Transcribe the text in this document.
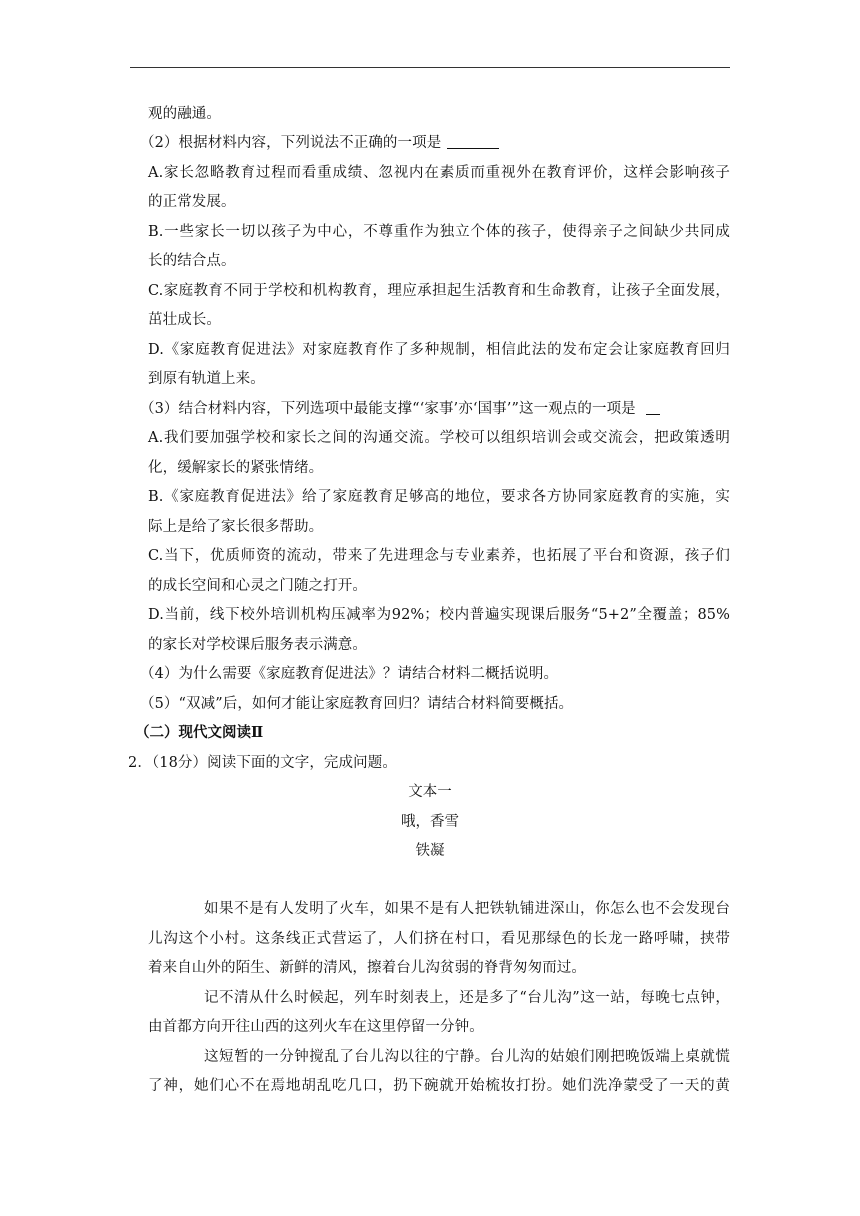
观的融通。
（2）根据材料内容，下列说法不正确的一项是
A.家长忽略教育过程而看重成绩、忽视内在素质而重视外在教育评价，这样会影响孩子
的正常发展。
B.一些家长一切以孩子为中心，不尊重作为独立个体的孩子，使得亲子之间缺少共同成
长的结合点。
C.家庭教育不同于学校和机构教育，理应承担起生活教育和生命教育，让孩子全面发展，
茁壮成长。
D.《家庭教育促进法》对家庭教育作了多种规制，相信此法的发布定会让家庭教育回归
到原有轨道上来。
（3）结合材料内容，下列选项中最能支撑“‘家事’亦‘国事’”这一观点的一项是
A.我们要加强学校和家长之间的沟通交流。学校可以组织培训会或交流会，把政策透明
化，缓解家长的紧张情绪。
B.《家庭教育促进法》给了家庭教育足够高的地位，要求各方协同家庭教育的实施，实
际上是给了家长很多帮助。
C.当下，优质师资的流动，带来了先进理念与专业素养，也拓展了平台和资源，孩子们
的成长空间和心灵之门随之打开。
D.当前，线下校外培训机构压减率为92%；校内普遍实现课后服务“5+2”全覆盖；85%
的家长对学校课后服务表示满意。
（4）为什么需要《家庭教育促进法》？请结合材料二概括说明。
（5）“双减”后，如何才能让家庭教育回归？请结合材料简要概括。
（二）现代文阅读Ⅱ
2．（18分）阅读下面的文字，完成问题。
文本一
哦，香雪
铁凝
如果不是有人发明了火车，如果不是有人把铁轨铺进深山，你怎么也不会发现台
儿沟这个小村。这条线正式营运了，人们挤在村口，看见那绿色的长龙一路呼啸，挟带
着来自山外的陌生、新鲜的清风，擦着台儿沟贫弱的脊背匆匆而过。
记不清从什么时候起，列车时刻表上，还是多了“台儿沟”这一站，每晚七点钟，
由首都方向开往山西的这列火车在这里停留一分钟。
这短暂的一分钟搅乱了台儿沟以往的宁静。台儿沟的姑娘们刚把晚饭端上桌就慌
了神，她们心不在焉地胡乱吃几口，扔下碗就开始梳妆打扮。她们洗净蒙受了一天的黄
